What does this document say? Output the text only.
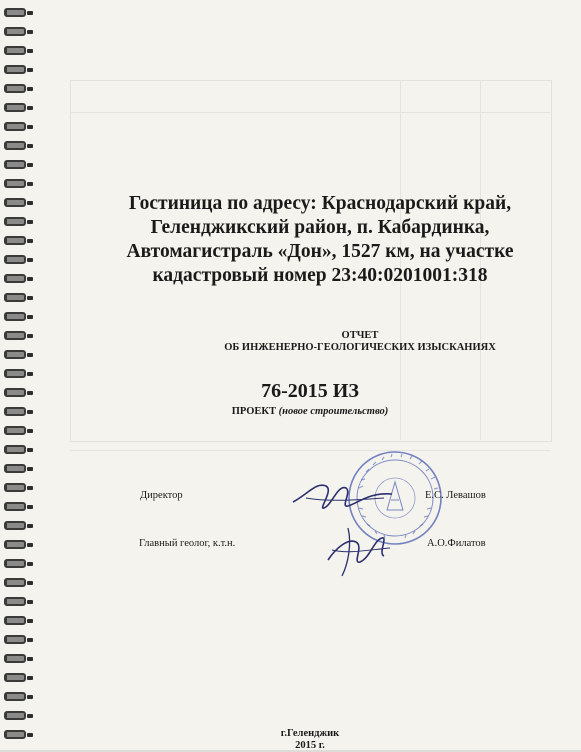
Гостиница по адресу: Краснодарский край,
Геленджикский район, п. Кабардинка,
Автомагистраль «Дон», 1527 км, на участке
кадастровый номер 23:40:0201001:318
ОТЧЕТ
ОБ ИНЖЕНЕРНО-ГЕОЛОГИЧЕСКИХ ИЗЫСКАНИЯХ
76-2015 ИЗ
ПРОЕКТ (новое строительство)
Директор	Е.С. Левашов
Главный геолог, к.т.н.	А.О.Филатов
г.Геленджик
2015 г.
